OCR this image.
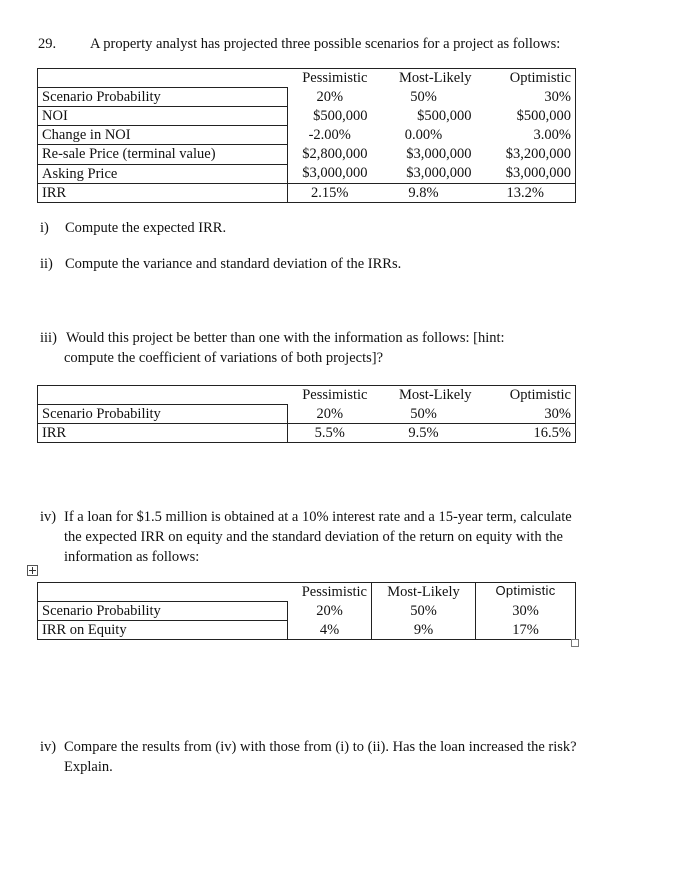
29. A property analyst has projected three possible scenarios for a project as follows:
	Pessimistic	Most-Likely	Optimistic
Scenario Probability	20%	50%	30%
NOI	$500,000	$500,000	$500,000
Change in NOI	-2.00%	0.00%	3.00%
Re-sale Price (terminal value)	$2,800,000	$3,000,000	$3,200,000
Asking Price	$3,000,000	$3,000,000	$3,000,000
IRR	2.15%	9.8%	13.2%
i) Compute the expected IRR.
ii) Compute the variance and standard deviation of the IRRs.
iii) Would this project be better than one with the information as follows: [hint:
compute the coefficient of variations of both projects]?
	Pessimistic	Most-Likely	Optimistic
Scenario Probability	20%	50%	30%
IRR	5.5%	9.5%	16.5%
iv) If a loan for $1.5 million is obtained at a 10% interest rate and a 15-year term, calculate
the expected IRR on equity and the standard deviation of the return on equity with the
information as follows:
	Pessimistic	Most-Likely	Optimistic
Scenario Probability	20%	50%	30%
IRR on Equity	4%	9%	17%
iv) Compare the results from (iv) with those from (i) to (ii). Has the loan increased the risk?
Explain.
